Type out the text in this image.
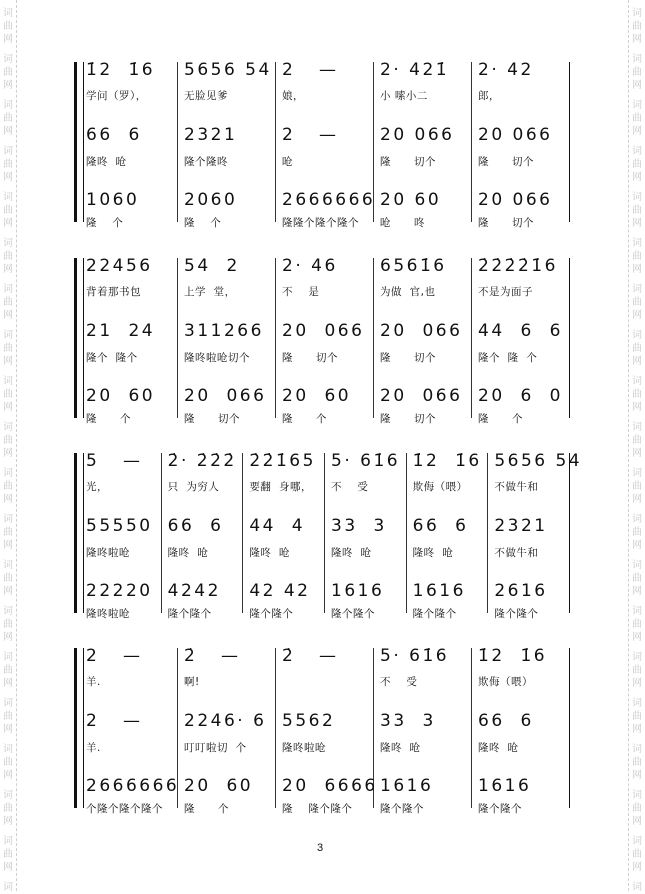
词
曲
网
词
曲
网
词
曲
网
词
曲
网
词
曲
网
词
曲
网
词
曲
网
词
曲
网
词
曲
网
词
曲
网
词
曲
网
词
曲
网
词
曲
网
词
曲
网
词
曲
网
词
曲
网
词
曲
网
词
曲
网
词
曲
网
词
词
曲
网
词
曲
网
词
曲
网
词
曲
网
词
曲
网
词
曲
网
词
曲
网
词
曲
网
词
曲
网
词
曲
网
词
曲
网
词
曲
网
词
曲
网
词
曲
网
词
曲
网
词
曲
网
词
曲
网
词
曲
网
词
曲
网
词
1̇2  1̇6
学问（罗），
66  6
隆咚  呛
1060
隆    个
5656 54
无脸见爹
2321
隆个隆咚
2060
隆    个
2   —
娘，
2   —
呛
2666666
隆隆个隆个隆个
2· 421̇
小 嗦小二
20 066
隆      切个
20 60
呛      咚
2· 42
郎，
20 066
隆      切个
20 066
隆      切个
22456
背着那书包
21  24
隆个  隆个
20  60
隆      个
54  2
上学  堂，
311266
隆咚啦呛切个
20  066
隆      切个
2· 46
不    是
20  066
隆      切个
20  60
隆      个
6561̇6
为做  官,也
20  066
隆      切个
20  066
隆      切个
2̇2̇2̇2̇1̇6
不是为面子
44  6  6
隆个  隆  个
20  6  0
隆      个
5   —
光，
55550
隆咚啦呛
22220
隆咚啦呛
2̇· 2̇2̇2̇
只  为穷人
66  6
隆咚  呛
4242
隆个隆个
2̇2̇1̇65
要翻  身哪，
44  4
隆咚  呛
42 42
隆个隆个
5· 61̇6
不    受
33  3
隆咚  呛
1616
隆个隆个
1̇2  1̇6
欺侮（喂）
66  6
隆咚  呛
1616
隆个隆个
5656 54
不做牛和
2321
不做牛和
2616
隆个隆个
2   —
羊.
2   —
羊.
2666666
个隆个隆个隆个
2̇   —
啊!
2246· 6
叮叮啦切  个
20  60
隆      个
2̇   —
5562
隆咚啦呛
20  6666
隆    隆个隆个
5· 61̇6
不    受
33  3
隆咚  呛
1616
隆个隆个
1̇2  1̇6
欺侮（喂）
66  6
隆咚  呛
1616
隆个隆个
3
